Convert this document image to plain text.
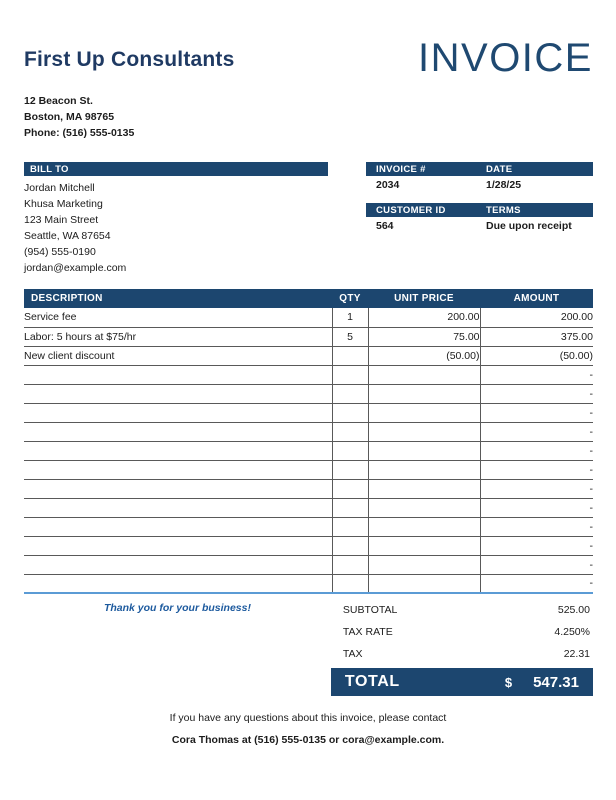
First Up Consultants	INVOICE
12 Beacon St.
Boston, MA 98765
Phone: (516) 555-0135
BILL TO
Jordan Mitchell
Khusa Marketing
123 Main Street
Seattle, WA 87654
(954) 555-0190
jordan@example.com
INVOICE #	DATE
2034	1/28/25
CUSTOMER ID	TERMS
564	Due upon receipt
DESCRIPTION	QTY	UNIT PRICE	AMOUNT
Service fee	1	200.00	200.00
Labor: 5 hours at $75/hr	5	75.00	375.00
New client discount		(50.00)	(50.00)
			-
			-
			-
			-
			-
			-
			-
			-
			-
			-
			-
			-
Thank you for your business!	SUBTOTAL	525.00
TAX RATE	4.250%
TAX	22.31
TOTAL	$ 547.31
If you have any questions about this invoice, please contact
Cora Thomas at (516) 555-0135 or cora@example.com.
